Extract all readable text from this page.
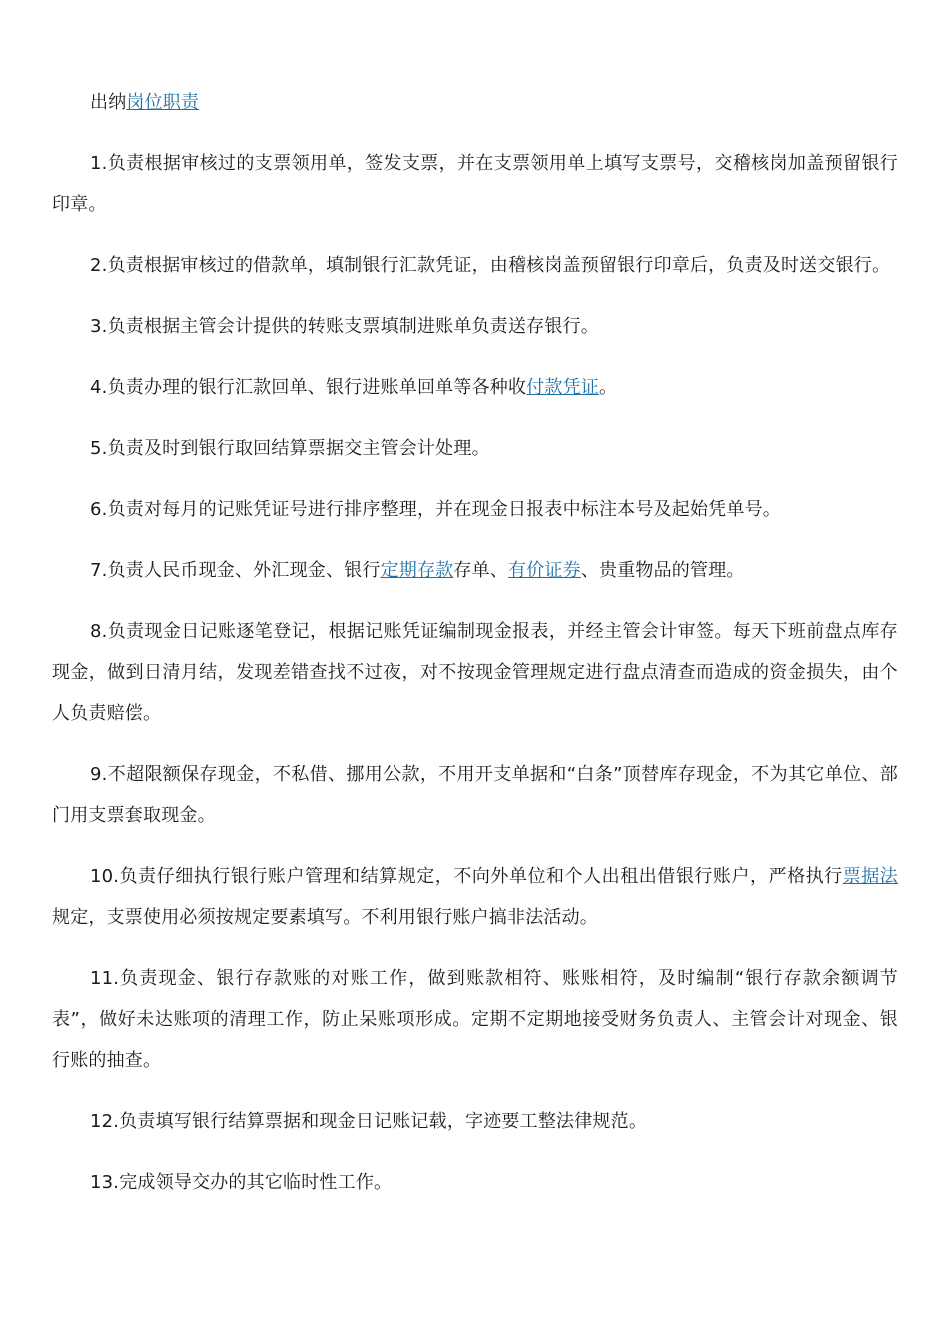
出纳岗位职责

1.负责根据审核过的支票领用单，签发支票，并在支票领用单上填写支票号，交稽核岗加盖预留银行印章。

2.负责根据审核过的借款单，填制银行汇款凭证，由稽核岗盖预留银行印章后，负责及时送交银行。

3.负责根据主管会计提供的转账支票填制进账单负责送存银行。

4.负责办理的银行汇款回单、银行进账单回单等各种收付款凭证。

5.负责及时到银行取回结算票据交主管会计处理。

6.负责对每月的记账凭证号进行排序整理，并在现金日报表中标注本号及起始凭单号。

7.负责人民币现金、外汇现金、银行定期存款存单、有价证券、贵重物品的管理。

8.负责现金日记账逐笔登记，根据记账凭证编制现金报表，并经主管会计审签。每天下班前盘点库存现金，做到日清月结，发现差错查找不过夜，对不按现金管理规定进行盘点清查而造成的资金损失，由个人负责赔偿。

9.不超限额保存现金，不私借、挪用公款，不用开支单据和“白条”顶替库存现金，不为其它单位、部门用支票套取现金。

10.负责仔细执行银行账户管理和结算规定，不向外单位和个人出租出借银行账户，严格执行票据法规定，支票使用必须按规定要素填写。不利用银行账户搞非法活动。

11.负责现金、银行存款账的对账工作，做到账款相符、账账相符，及时编制“银行存款余额调节表”，做好未达账项的清理工作，防止呆账项形成。定期不定期地接受财务负责人、主管会计对现金、银行账的抽查。

12.负责填写银行结算票据和现金日记账记载，字迹要工整法律规范。

13.完成领导交办的其它临时性工作。
